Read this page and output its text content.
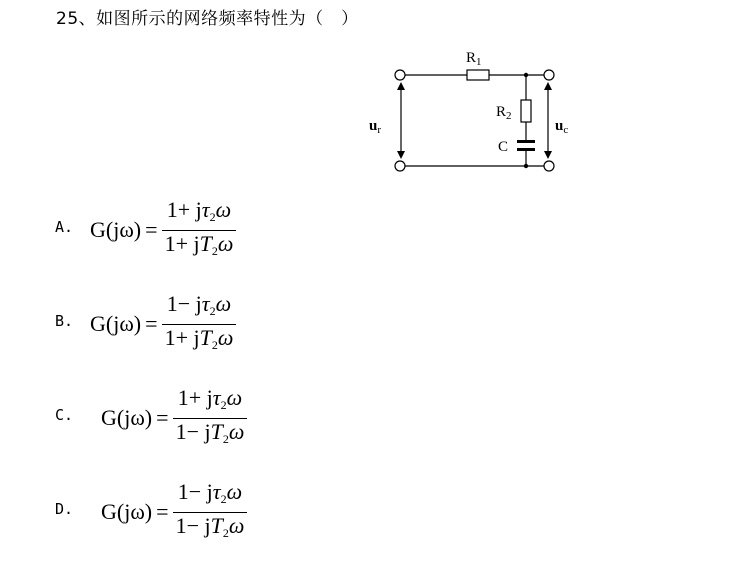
25、如图所示的网络频率特性为（　）
$R_1$
$R_2$
C
$u_r$	$u_c$
A. $G(j\omega) = \frac{1+ j\tau_2\omega}{1+ jT_2\omega}$
B. $G(j\omega) = \frac{1- j\tau_2\omega}{1+ jT_2\omega}$
C. $G(j\omega) = \frac{1+ j\tau_2\omega}{1- jT_2\omega}$
D. $G(j\omega) = \frac{1- j\tau_2\omega}{1- jT_2\omega}$
